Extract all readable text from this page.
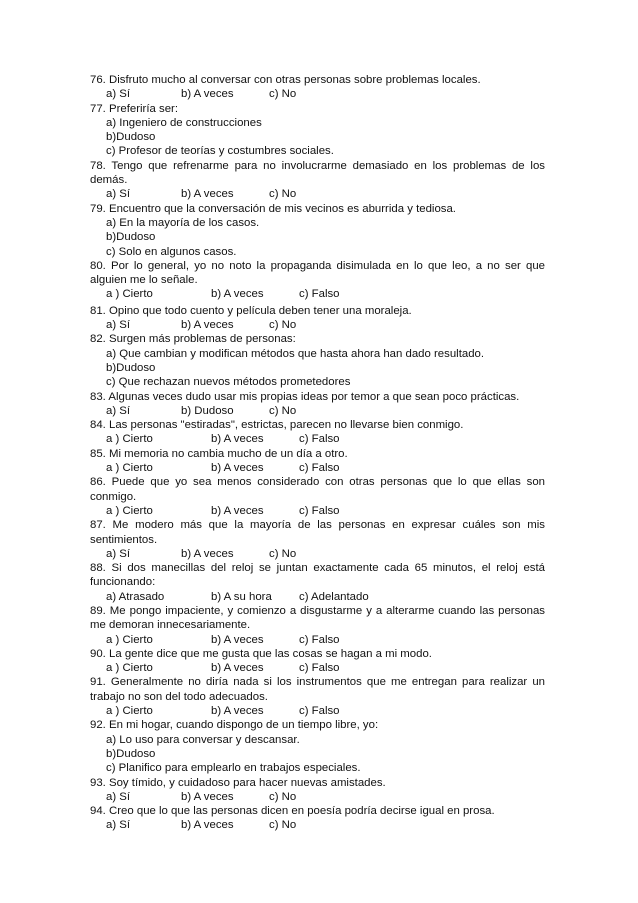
76. Disfruto mucho al conversar con otras personas sobre problemas locales.
a) Sí	b) A veces	c) No
77. Preferiría ser:
a) Ingeniero de construcciones
b)Dudoso
c) Profesor de teorías y costumbres sociales.
78. Tengo que refrenarme para no involucrarme demasiado en los problemas de los demás.
a) Sí	b) A veces	c) No
79. Encuentro que la conversación de mis vecinos es aburrida y tediosa.
a) En la mayoría de los casos.
b)Dudoso
c) Solo en algunos casos.
80. Por lo general, yo no noto la propaganda disimulada en lo que leo, a no ser que alguien me lo señale.
a ) Cierto	b) A veces	c) Falso
81. Opino que todo cuento y película deben tener una moraleja.
a) Sí	b) A veces	c) No
82. Surgen más problemas de personas:
a) Que cambian y modifican métodos que hasta ahora han dado resultado.
b)Dudoso
c) Que rechazan nuevos métodos prometedores
83. Algunas veces dudo usar mis propias ideas por temor a que sean poco prácticas.
a) Sí	b) Dudoso	c) No
84. Las personas "estiradas", estrictas, parecen no llevarse bien conmigo.
a ) Cierto	b) A veces	c) Falso
85. Mi memoria no cambia mucho de un día a otro.
a ) Cierto	b) A veces	c) Falso
86. Puede que yo sea menos considerado con otras personas que lo que ellas son conmigo.
a ) Cierto	b) A veces	c) Falso
87. Me modero más que la mayoría de las personas en expresar cuáles son mis sentimientos.
a) Sí	b) A veces	c) No
88. Si dos manecillas del reloj se juntan exactamente cada 65 minutos, el reloj está funcionando:
a) Atrasado	b) A su hora c) Adelantado
89. Me pongo impaciente, y comienzo a disgustarme y a alterarme cuando las personas me demoran innecesariamente.
a ) Cierto	b) A veces	c) Falso
90. La gente dice que me gusta que las cosas se hagan a mi modo.
a ) Cierto	b) A veces	c) Falso
91. Generalmente no diría nada si los instrumentos que me entregan para realizar un trabajo no son del todo adecuados.
a ) Cierto	b) A veces	c) Falso
92. En mi hogar, cuando dispongo de un tiempo libre, yo:
a) Lo uso para conversar y descansar.
b)Dudoso
c) Planifico para emplearlo en trabajos especiales.
93. Soy tímido, y cuidadoso para hacer nuevas amistades.
a) Sí	b) A veces	c) No
94. Creo que lo que las personas dicen en poesía podría decirse igual en prosa.
a) Sí	b) A veces	c) No
